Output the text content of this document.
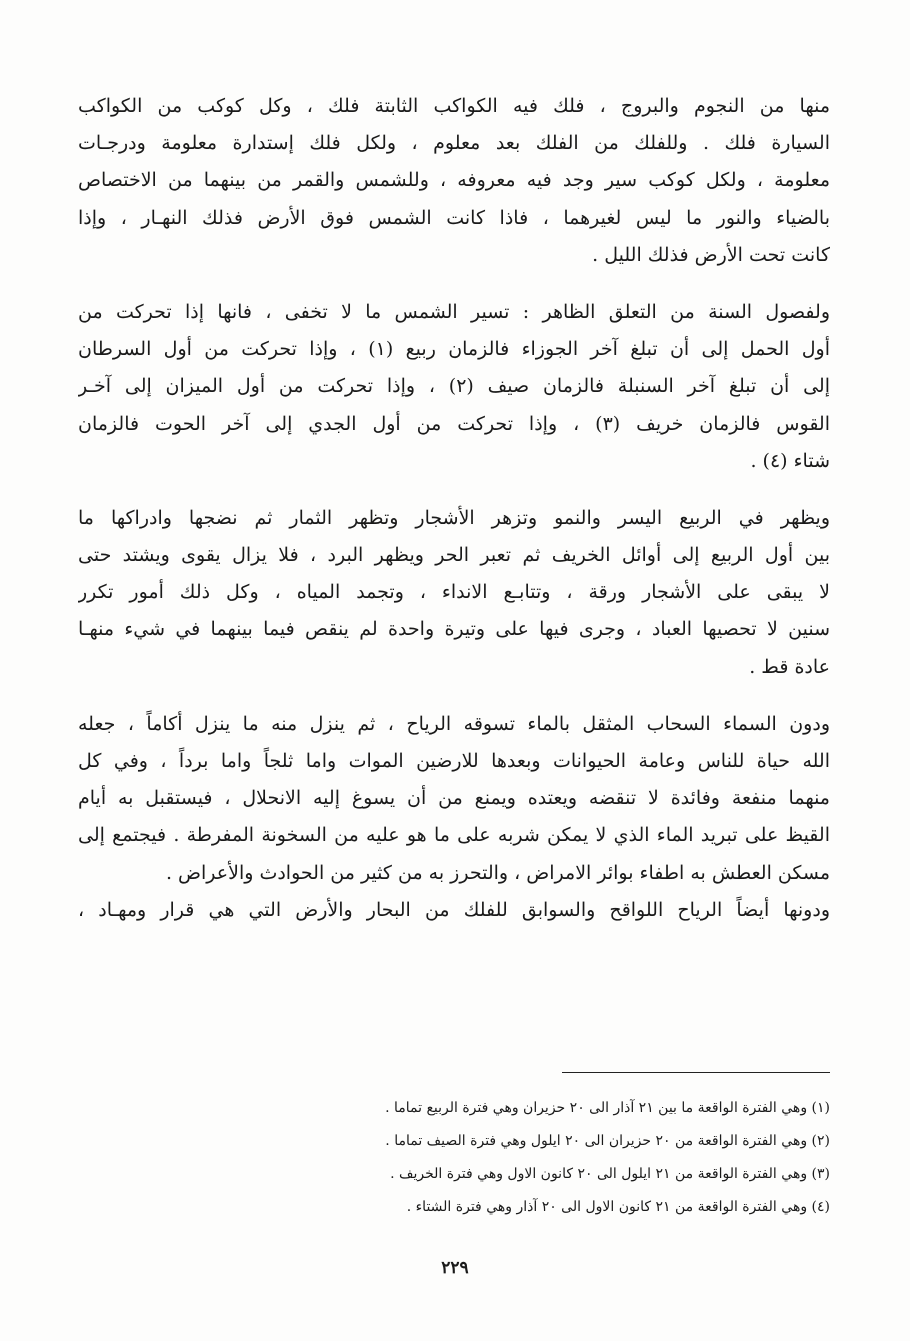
منها من النجوم والبروج ، فلك فيه الكواكب الثابتة فلك ، وكل كوكب من الكواكب
السيارة فلك . وللفلك من الفلك بعد معلوم ، ولكل فلك إستدارة معلومة ودرجـات
معلومة ، ولكل كوكب سير وجد فيه معروفه ، وللشمس والقمر من بينهما من الاختصاص
بالضياء والنور ما ليس لغيرهما ، فاذا كانت الشمس فوق الأرض فذلك النهـار ، وإذا
كانت تحت الأرض فذلك الليل .
ولفصول السنة من التعلق الظاهر : تسير الشمس ما لا تخفى ، فانها إذا تحركت من
أول الحمل إلى أن تبلغ آخر الجوزاء فالزمان ربيع (١) ، وإذا تحركت من أول السرطان
إلى أن تبلغ آخر السنبلة فالزمان صيف (٢) ، وإذا تحركت من أول الميزان إلى آخـر
القوس فالزمان خريف (٣) ، وإذا تحركت من أول الجدي إلى آخر الحوت فالزمان
شتاء (٤) .
ويظهر في الربيع اليسر والنمو وتزهر الأشجار وتظهر الثمار ثم نضجها وادراكها ما
بين أول الربيع إلى أوائل الخريف ثم تعبر الحر ويظهر البرد ، فلا يزال يقوى ويشتد حتى
لا يبقى على الأشجار ورقة ، وتتابـع الانداء ، وتجمد المياه ، وكل ذلك أمور تكرر
سنين لا تحصيها العباد ، وجرى فيها على وتيرة واحدة لم ينقص فيما بينهما في شيء منهـا
عادة قط .
ودون السماء السحاب المثقل بالماء تسوقه الرياح ، ثم ينزل منه ما ينزل أكاماً ، جعله
الله حياة للناس وعامة الحيوانات وبعدها للارضين الموات واما ثلجاً واما برداً ، وفي كل
منهما منفعة وفائدة لا تنقضه ويعتده ويمنع من أن يسوغ إليه الانحلال ، فيستقبل به أيام
القيظ على تبريد الماء الذي لا يمكن شربه على ما هو عليه من السخونة المفرطة . فيجتمع إلى
مسكن العطش به اطفاء بوائر الامراض ، والتحرز به من كثير من الحوادث والأعراض .
ودونها أيضاً الرياح اللواقح والسوابق للفلك من البحار والأرض التي هي قرار ومهـاد ،
(١) وهي الفترة الواقعة ما بين ٢١ آذار الى ٢٠ حزيران وهي فترة الربيع تماما .
(٢) وهي الفترة الواقعة من ٢٠ حزيران الى ٢٠ ايلول وهي فترة الصيف تماما .
(٣) وهي الفترة الواقعة من ٢١ ايلول الى ٢٠ كانون الاول وهي فترة الخريف .
(٤) وهي الفترة الواقعة من ٢١ كانون الاول الى ٢٠ آذار وهي فترة الشتاء .
٢٢٩
